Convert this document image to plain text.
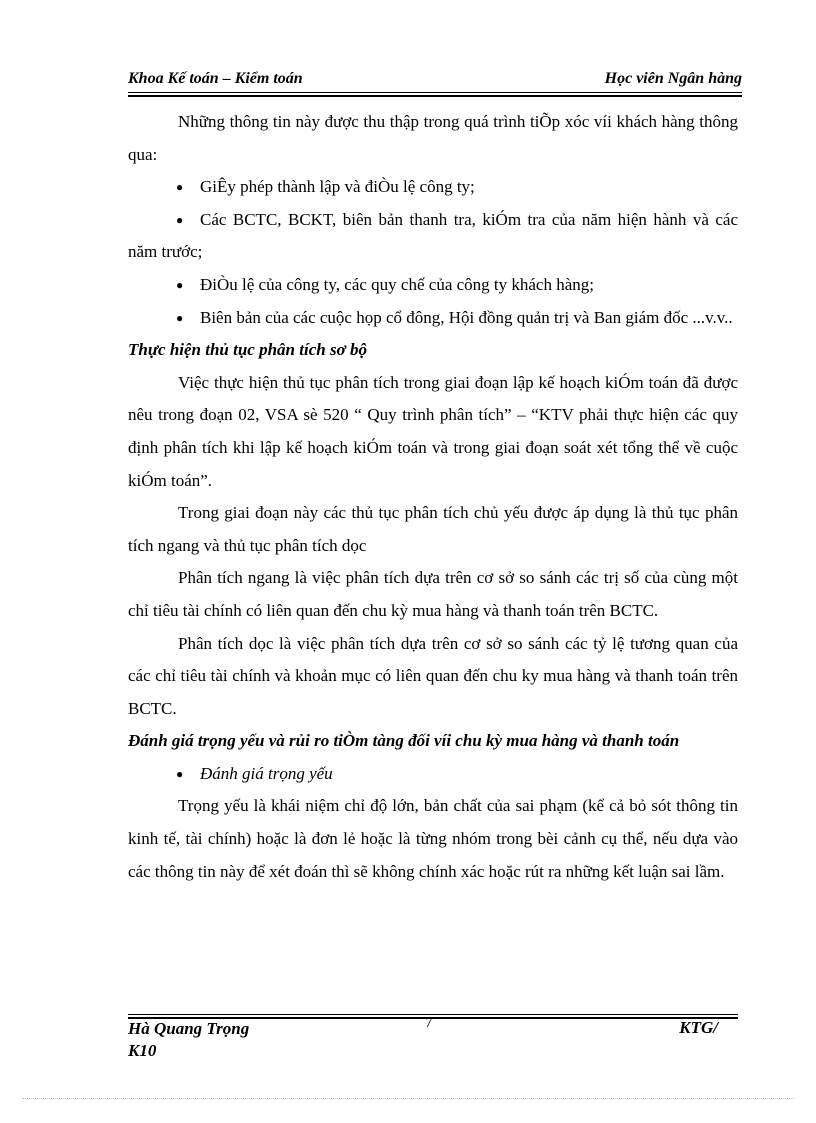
Khoa Kế toán – Kiểm toán	Học viên Ngân hàng

Những thông tin này được thu thập trong quá trình tiÕp xóc víi khách hàng thông qua:

● GiÊy phép thành lập và điÒu lệ công ty;

● Các BCTC, BCKT, biên bản thanh tra, kiÓm tra của năm hiện hành và các năm trước;

● ĐiÒu lệ của công ty, các quy chế của công ty khách hàng;

● Biên bản của các cuộc họp cổ đông, Hội đồng quản trị và Ban giám đốc ...v.v..

Thực hiện thủ tục phân tích sơ bộ

Việc thực hiện thủ tục phân tích trong giai đoạn lập kế hoạch kiÓm toán đã được nêu trong đoạn 02, VSA sè 520 “ Quy trình phân tích” – “KTV phải thực hiện các quy định phân tích khi lập kế hoạch kiÓm toán và trong giai đoạn soát xét tổng thể về cuộc kiÓm toán”.

Trong giai đoạn này các thủ tục phân tích chủ yếu được áp dụng là thủ tục phân tích ngang và thủ tục phân tích dọc

Phân tích ngang là việc phân tích dựa trên cơ sở so sánh các trị số của cùng một chỉ tiêu tài chính có liên quan đến chu kỳ mua hàng và thanh toán trên BCTC.

Phân tích dọc là việc phân tích dựa trên cơ sở so sánh các tỷ lệ tương quan của các chỉ tiêu tài chính và khoản mục có liên quan đến chu ky mua hàng và thanh toán trên BCTC.

Đánh giá trọng yếu và rủi ro tiÒm tàng đối víi chu kỳ mua hàng và thanh toán

● Đánh giá trọng yếu

Trọng yếu là khái niệm chỉ độ lớn, bản chất của sai phạm (kể cả bỏ sót thông tin kinh tế, tài chính) hoặc là đơn lẻ hoặc là từng nhóm trong bèi cảnh cụ thể, nếu dựa vào các thông tin này để xét đoán thì sẽ không chính xác hoặc rút ra những kết luận sai lầm.

Hà Quang Trọng
K10
7	KTG/
